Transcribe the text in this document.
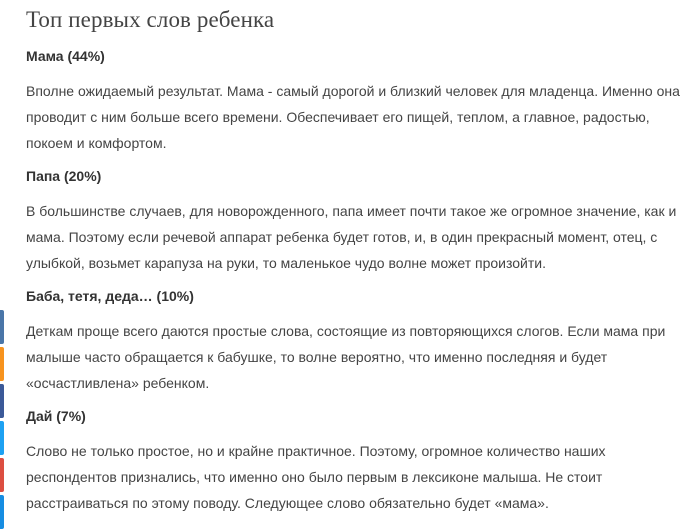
Топ первых слов ребенка
Мама (44%)

Вполне ожидаемый результат. Мама - самый дорогой и близкий человек для младенца. Именно она проводит с ним больше всего времени. Обеспечивает его пищей, теплом, а главное, радостью, покоем и комфортом.

Папа (20%)

В большинстве случаев, для новорожденного, папа имеет почти такое же огромное значение, как и мама. Поэтому если речевой аппарат ребенка будет готов, и, в один прекрасный момент, отец, с улыбкой, возьмет карапуза на руки, то маленькое чудо волне может произойти.

Баба, тетя, деда… (10%)

Деткам проще всего даются простые слова, состоящие из повторяющихся слогов. Если мама при малыше часто обращается к бабушке, то волне вероятно, что именно последняя и будет «осчастливлена» ребенком.

Дай (7%)

Слово не только простое, но и крайне практичное. Поэтому, огромное количество наших респондентов признались, что именно оно было первым в лексиконе малыша. Не стоит расстраиваться по этому поводу. Следующее слово обязательно будет «мама».
